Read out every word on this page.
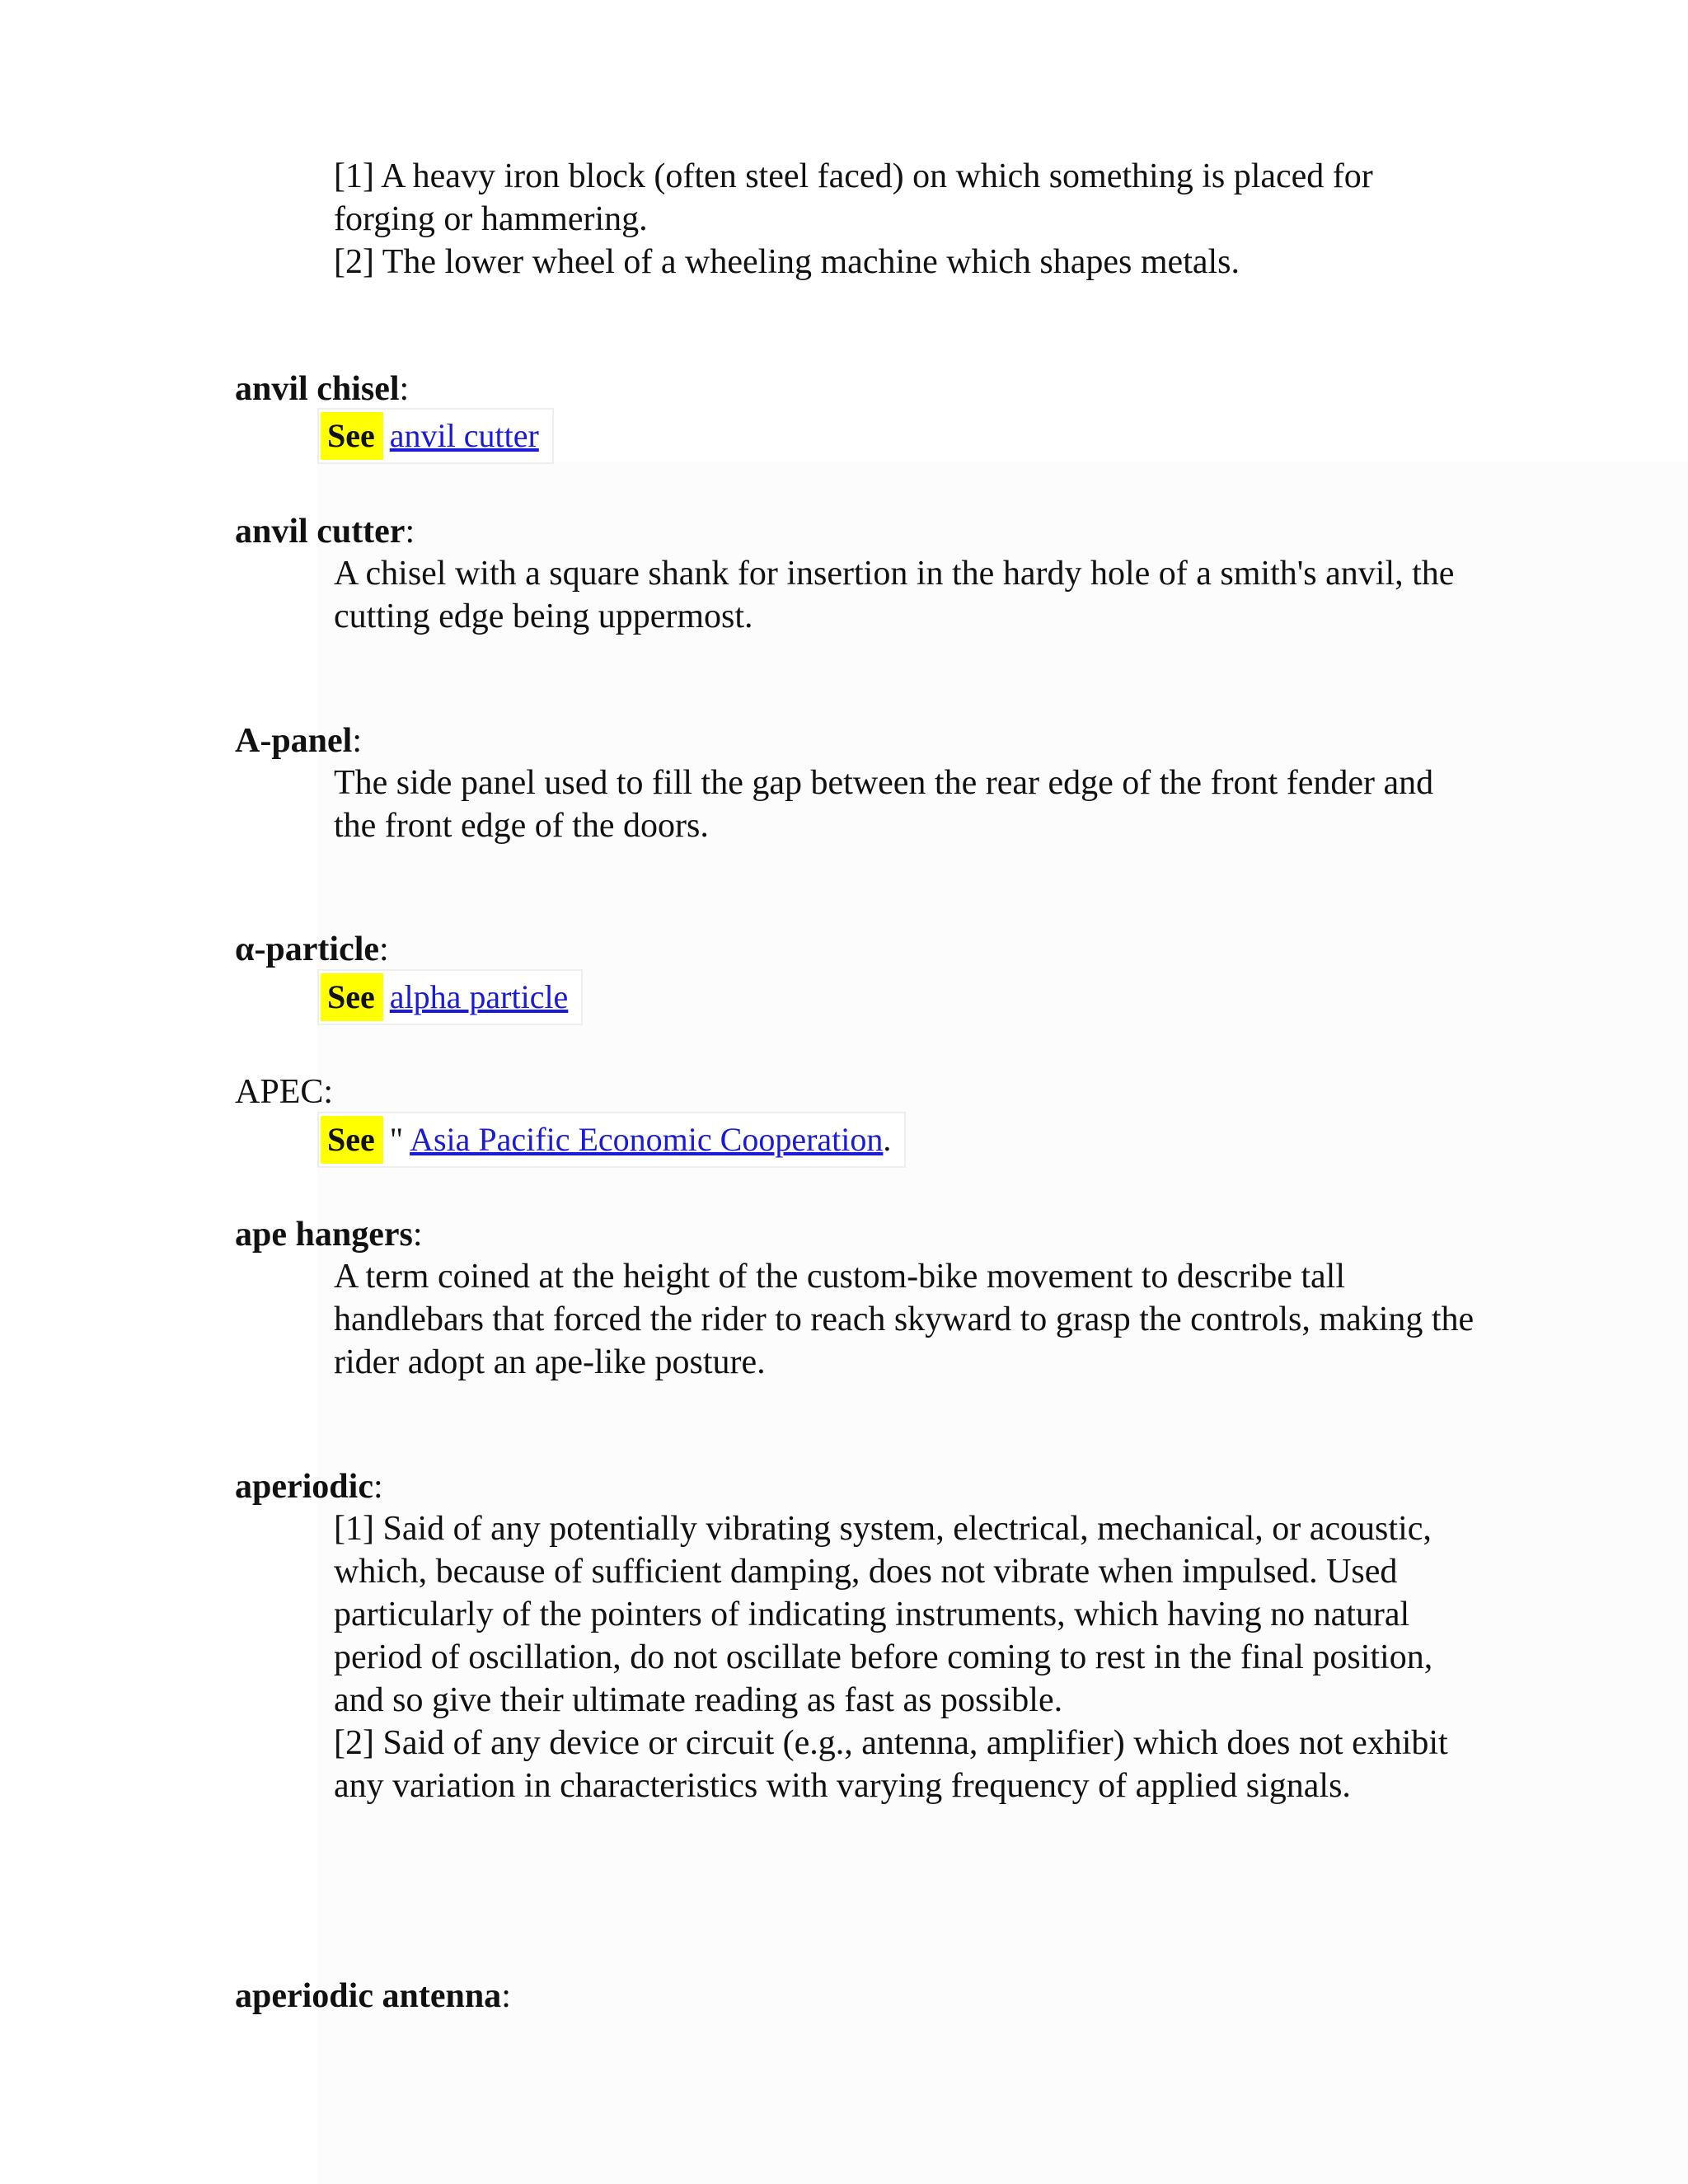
[1] A heavy iron block (often steel faced) on which something is placed for forging or hammering.

[2] The lower wheel of a wheeling machine which shapes metals.

anvil chisel:
See anvil cutter
anvil cutter:

A chisel with a square shank for insertion in the hardy hole of a smith's anvil, the cutting edge being uppermost.

A-panel:

The side panel used to fill the gap between the rear edge of the front fender and the front edge of the doors.

α-particle:
See alpha particle
APEC:
See " Asia Pacific Economic Cooperation .
ape hangers:

A term coined at the height of the custom-bike movement to describe tall handlebars that forced the rider to reach skyward to grasp the controls, making the rider adopt an ape-like posture.

aperiodic:

[1] Said of any potentially vibrating system, electrical, mechanical, or acoustic, which, because of sufficient damping, does not vibrate when impulsed. Used particularly of the pointers of indicating instruments, which having no natural period of oscillation, do not oscillate before coming to rest in the final position, and so give their ultimate reading as fast as possible.

[2] Said of any device or circuit (e.g., antenna, amplifier) which does not exhibit any variation in characteristics with varying frequency of applied signals.

aperiodic antenna:
